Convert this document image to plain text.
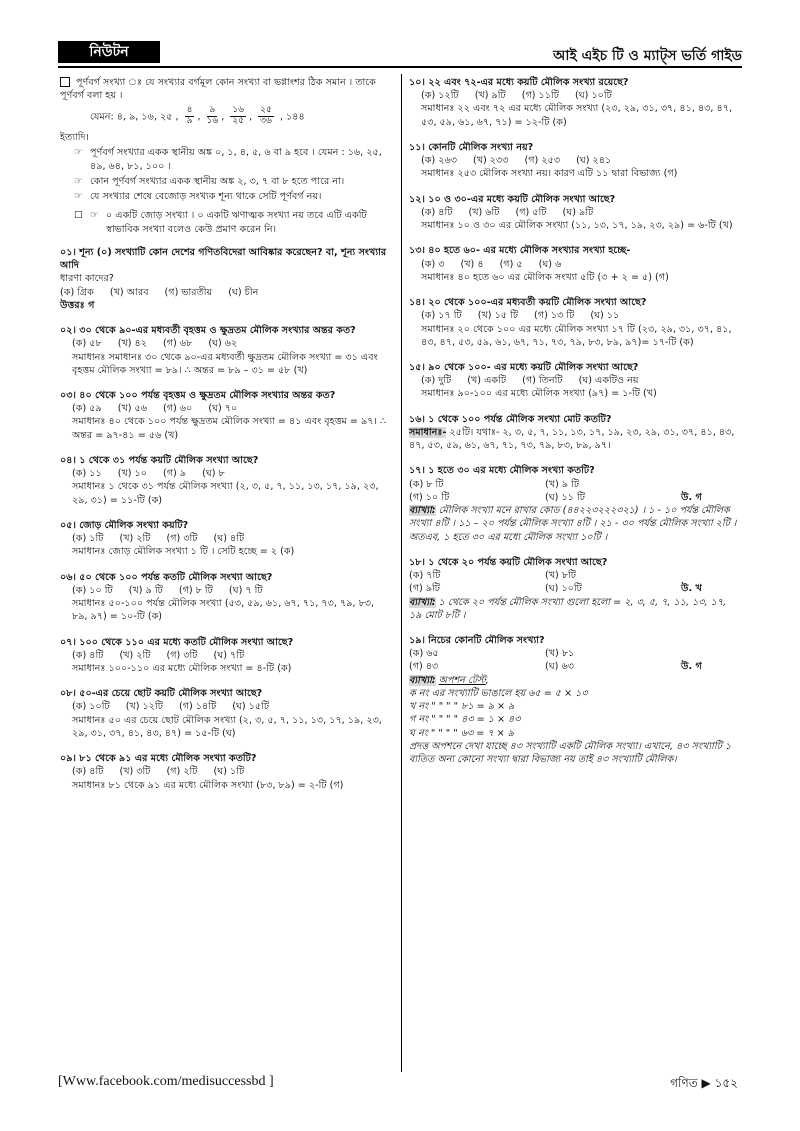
নিউটন	আই এইচ টি ও ম্যাট্স ভর্তি গাইড
পূর্ণবর্গ সংখ্যা ঃ যে সংখ্যার বর্গমূল কোন সংখ্যা বা ভগ্নাংশর ঠিক সমান । তাকে পূর্ণবর্গ বলা হয় ।
যেমন: ৪, ৯, ১৬, ২৫ , $\frac{৪}{৯}$ , $\frac{৯}{১৬}$ , $\frac{১৬}{২৫}$ , $\frac{২৫}{৩৬}$ , ১৪৪
ইত্যাদি।
☞ পূর্ণবর্গ সংখ্যার একক স্থানীয় অঙ্ক ০, ১, ৪, ৫, ৬ বা ৯ হবে । যেমন : ১৬, ২৫, ৪৯, ৬৪, ৮১, ১০০ ।
☞ কোন পূর্ণবর্গ সংখ্যার একক স্থানীয় অঙ্ক ২, ৩, ৭ বা ৮ হতে পারে না।
☞ যে সংখ্যার শেষে বেজোড় সংখ্যক শূন্য থাকে সেটি পূর্ণবর্গ নয়।
☐ ☞ ০ একটি জোড় সংখ্যা । ০ একটি ঋণাত্মক সংখ্যা নয় তবে এটি একটি স্বাভাবিক সংখ্যা বলেও কেউ প্রমাণ করেন নি।
০১। শূন্য (০) সংখ্যাটি কোন দেশের গণিতবিদেরা আবিষ্কার করেছেন? বা, শূন্য সংখ্যার আদি
ধারণা কাদের?
(ক) গ্রিক (খ) আরব (গ) ভারতীয় (ঘ) চীন
উত্তরঃ গ
০২। ৩০ থেকে ৯০-এর মধ্যবর্তী বৃহত্তম ও ক্ষুদ্রতম মৌলিক সংখ্যার অন্তর কত?
(ক) ৫৮ (খ) ৪২ (গ) ৬৮ (ঘ) ৬২
সমাধানঃ সমাধানঃ ৩০ থেকে ৯০-এর মধ্যবর্তী ক্ষুদ্রতম মৌলিক সংখ্যা = ৩১ এবং বৃহত্তম মৌলিক সংখ্যা = ৮৯। ∴ অন্তর = ৮৯ – ৩১ = ৫৮ (খ)
০৩। ৪০ থেকে ১০০ পর্যন্ত বৃহত্তম ও ক্ষুদ্রতম মৌলিক সংখ্যার অন্তর কত?
(ক) ৫৯ (খ) ৫৬ (গ) ৬০ (ঘ) ৭০
সমাধানঃ ৪০ থেকে ১০০ পর্যন্ত ক্ষুদ্রতম মৌলিক সংখ্যা = ৪১ এবং বৃহত্তম = ৯৭। ∴ অন্তর = ৯৭-৪১ = ৫৬ (খ)
০৪। ১ থেকে ৩১ পর্যন্ত কয়টি মৌলিক সংখ্যা আছে?
(ক) ১১ (খ) ১০ (গ) ৯ (ঘ) ৮
সমাধানঃ ১ থেকে ৩১ পর্যন্ত মৌলিক সংখ্যা (২, ৩, ৫, ৭, ১১, ১৩, ১৭, ১৯, ২৩, ২৯, ৩১) = ১১-টি (ক)
০৫। জোড় মৌলিক সংখ্যা কয়টি?
(ক) ১টি (খ) ২টি (গ) ৩টি (ঘ) ৪টি
সমাধানঃ জোড় মৌলিক সংখ্যা ১ টি । সেটি হচ্ছে = ২ (ক)
০৬। ৫০ থেকে ১০০ পর্যন্ত কতটি মৌলিক সংখ্যা আছে?
(ক) ১০ টি (খ) ৯ টি (গ) ৮ টি (ঘ) ৭ টি
সমাধানঃ ৫০-১০০ পর্যন্ত মৌলিক সংখ্যা (৫৩, ৫৯, ৬১, ৬৭, ৭১, ৭৩, ৭৯, ৮৩, ৮৯, ৯৭) = ১০-টি (ক)
০৭। ১০০ থেকে ১১০ এর মধ্যে কতটি মৌলিক সংখ্যা আছে?
(ক) ৪টি (খ) ২টি (গ) ৩টি (ঘ) ৭টি
সমাধানঃ ১০০-১১০ এর মধ্যে মৌলিক সংখ্যা = ৪-টি (ক)
০৮। ৫০-এর চেয়ে ছোট কয়টি মৌলিক সংখ্যা আছে?
(ক) ১০টি (খ) ১২টি (গ) ১৪টি (ঘ) ১৫টি
সমাধানঃ ৫০ এর চেয়ে ছোট মৌলিক সংখ্যা (২, ৩, ৫, ৭, ১১, ১৩, ১৭, ১৯, ২৩, ২৯, ৩১, ৩৭, ৪১, ৪৩, ৪৭) = ১৫-টি (ঘ)
০৯। ৮১ থেকে ৯১ এর মধ্যে মৌলিক সংখ্যা কতটি?
(ক) ৪টি (খ) ৩টি (গ) ২টি (ঘ) ১টি
সমাধানঃ ৮১ থেকে ৯১ এর মধ্যে মৌলিক সংখ্যা (৮৩, ৮৯) = ২-টি (গ)
১০। ২২ এবং ৭২-এর মধ্যে কয়টি মৌলিক সংখ্যা রয়েছে?
(ক) ১২টি (খ) ৯টি (গ) ১১টি (ঘ) ১০টি
সমাধানঃ ২২ এবং ৭২ এর মধ্যে মৌলিক সংখ্যা (২৩, ২৯, ৩১, ৩৭, ৪১, ৪৩, ৪৭, ৫৩, ৫৯, ৬১, ৬৭, ৭১) = ১২-টি (ক)
১১। কোনটি মৌলিক সংখ্যা নয়?
(ক) ২৬৩ (খ) ২৩৩ (গ) ২৫৩ (ঘ) ২৪১
সমাধানঃ ২৫৩ মৌলিক সংখ্যা নয়। কারণ এটি ১১ দ্বারা বিভাজ্য (গ)
১২। ১০ ও ৩০-এর মধ্যে কয়টি মৌলিক সংখ্যা আছে?
(ক) ৪টি (খ) ৬টি (গ) ৫টি (ঘ) ৯টি
সমাধানঃ ১০ ও ৩০ এর মৌলিক সংখ্যা (১১, ১৩, ১৭, ১৯, ২৩, ২৯) = ৬-টি (খ)
১৩। ৪০ হতে ৬০- এর মধ্যে মৌলিক সংখ্যার সংখ্যা হচ্ছে-
(ক) ৩ (খ) ৪ (গ) ৫ (ঘ) ৬
সমাধানঃ ৪০ হতে ৬০ এর মৌলিক সংখ্যা ৫টি (৩ + ২ = ৫) (গ)
১৪। ২০ থেকে ১০০-এর মধ্যবর্তী কয়টি মৌলিক সংখ্যা আছে?
(ক) ১৭ টি (খ) ১৫ টি (গ) ১৩ টি (ঘ) ১১
সমাধানঃ ২০ থেকে ১০০ এর মধ্যে মৌলিক সংখ্যা ১৭ টি (২৩, ২৯, ৩১, ৩৭, ৪১, ৪৩, ৪৭, ৫৩, ৫৯, ৬১, ৬৭, ৭১, ৭৩, ৭৯, ৮৩, ৮৯, ৯৭)= ১৭-টি (ক)
১৫। ৯০ থেকে ১০০- এর মধ্যে কয়টি মৌলিক সংখ্যা আছে?
(ক) দুটি (খ) একটি (গ) তিনটি (ঘ) একটিও নয়
সমাধানঃ ৯০-১০০ এর মধ্যে মৌলিক সংখ্যা (৯৭) = ১-টি (খ)
১৬। ১ থেকে ১০০ পর্যন্ত মৌলিক সংখ্যা মোট কতটি?
সমাধানঃ- ২৫টি। যথাঃ- ২, ৩, ৫, ৭, ১১, ১৩, ১৭, ১৯, ২৩, ২৯, ৩১, ৩৭, ৪১, ৪৩, ৪৭, ৫৩, ৫৯, ৬১, ৬৭, ৭১, ৭৩, ৭৯, ৮৩, ৮৯, ৯৭।
১৭। ১ হতে ৩০ এর মধ্যে মৌলিক সংখ্যা কতটি?
(ক) ৮ টি	(খ) ৯ টি
(গ) ১০ টি	(ঘ) ১১ টি	উ. গ
ব্যাখ্যা: মৌলিক সংখ্যা মনে রাখার কোড (৪৪২২৩২২২৩২১) । ১ - ১০ পর্যন্ত মৌলিক সংখ্যা ৪টি । ১১ – ২০ পর্যন্ত মৌলিক সংখ্যা ৪টি । ২১ - ৩০ পর্যন্ত মৌলিক সংখ্যা ২টি । অতএব, ১ হতে ৩০ এর মধ্যে মৌলিক সংখ্যা ১০টি ।
১৮। ১ থেকে ২০ পর্যন্ত কয়টি মৌলিক সংখ্যা আছে?
(ক) ৭টি	(খ) ৮টি
(গ) ৯টি	(ঘ) ১০টি	উ. খ
ব্যাখ্যা: ১ থেকে ২০ পর্যন্ত মৌলিক সংখ্যা গুলো হলো = ২, ৩, ৫, ৭, ১১, ১৩, ১৭, ১৯ মোট ৮টি ।
১৯। নিচের কোনটি মৌলিক সংখ্যা?
(ক) ৬৫	(খ) ৮১
(গ) ৪৩	(ঘ) ৬৩	উ. গ
ব্যাখ্যা: অপশন টেস্ট,
ক নং এর সংখ্যাটি ভাঙালে হয় ৬৫ = ৫ × ১৩
খ নং " " " " ৮১ = ৯ × ৯
গ নং " " " " ৪৩ = ১ × ৪৩
ঘ নং " " " " ৬৩ = ৭ × ৯
প্রদত্ত অপশনে দেখা যাচ্ছে ৪৩ সংখ্যাটি একটি মৌলিক সংখ্যা। এখানে, ৪৩ সংখ্যাটি ১ ব্যতিত অন্য কোনো সংখ্যা দ্বারা বিভাজ্য নয় তাই ৪৩ সংখ্যাটি মৌলিক।
[Www.facebook.com/medisuccessbd ]	গণিত ▶ ১৫২
